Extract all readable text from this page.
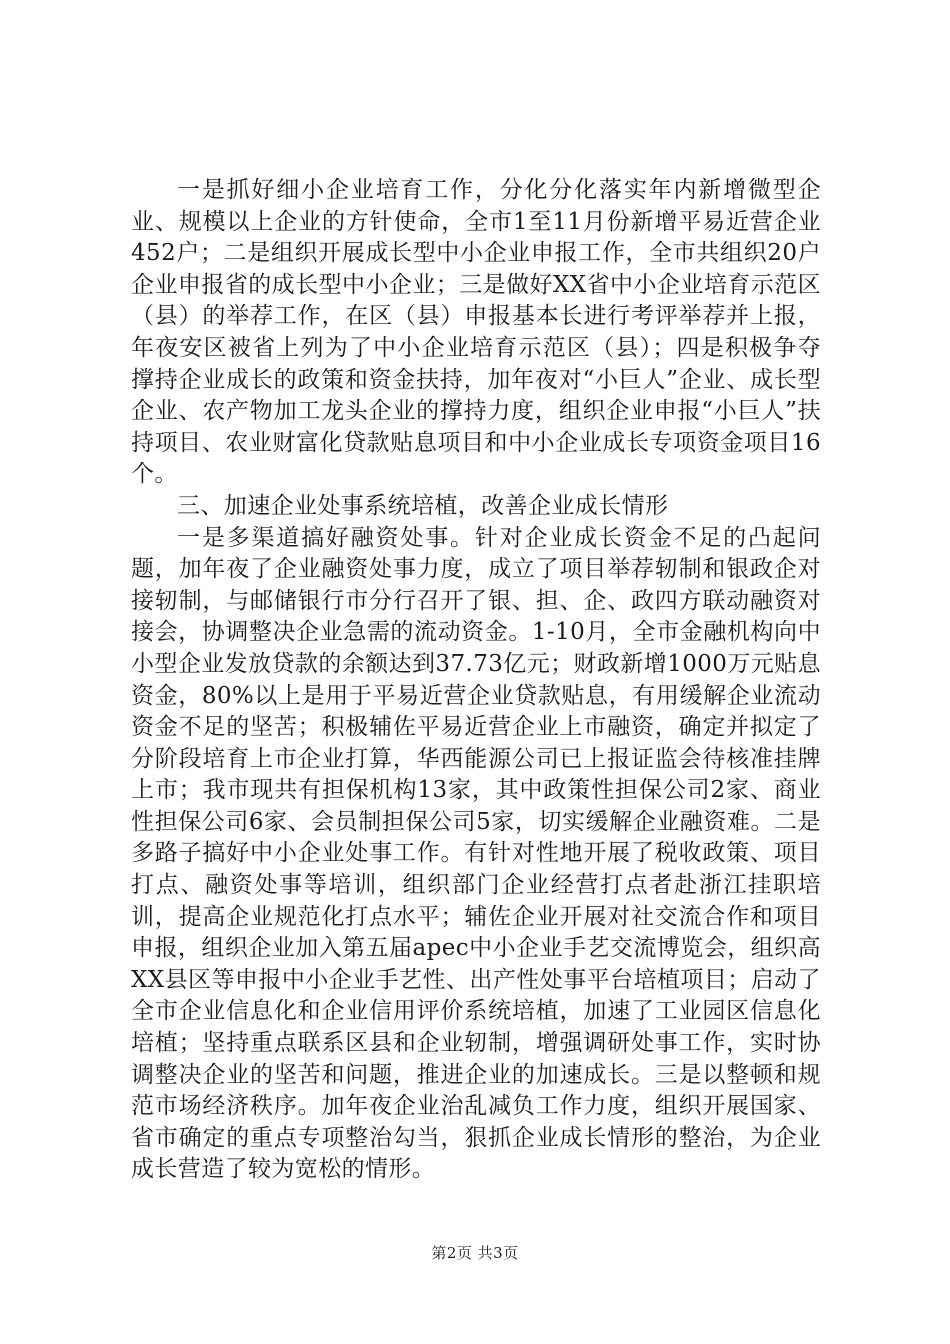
一是抓好细小企业培育工作，分化分化落实年内新增微型企业、规模以上企业的方针使命，全市1至11月份新增平易近营企业452户；二是组织开展成长型中小企业申报工作，全市共组织20户企业申报省的成长型中小企业；三是做好XX省中小企业培育示范区（县）的举荐工作，在区（县）申报基本长进行考评举荐并上报，年夜安区被省上列为了中小企业培育示范区（县）；四是积极争夺撑持企业成长的政策和资金扶持，加年夜对“小巨人”企业、成长型企业、农产物加工龙头企业的撑持力度，组织企业申报“小巨人”扶持项目、农业财富化贷款贴息项目和中小企业成长专项资金项目16个。

三、加速企业处事系统培植，改善企业成长情形

一是多渠道搞好融资处事。针对企业成长资金不足的凸起问题，加年夜了企业融资处事力度，成立了项目举荐轫制和银政企对接轫制，与邮储银行市分行召开了银、担、企、政四方联动融资对接会，协调整决企业急需的流动资金。1-10月，全市金融机构向中小型企业发放贷款的余额达到37.73亿元；财政新增1000万元贴息资金，80%以上是用于平易近营企业贷款贴息，有用缓解企业流动资金不足的坚苦；积极辅佐平易近营企业上市融资，确定并拟定了分阶段培育上市企业打算，华西能源公司已上报证监会待核准挂牌上市；我市现共有担保机构13家，其中政策性担保公司2家、商业性担保公司6家、会员制担保公司5家，切实缓解企业融资难。二是多路子搞好中小企业处事工作。有针对性地开展了税收政策、项目打点、融资处事等培训，组织部门企业经营打点者赴浙江挂职培训，提高企业规范化打点水平；辅佐企业开展对社交流合作和项目申报，组织企业加入第五届apec中小企业手艺交流博览会，组织高XX县区等申报中小企业手艺性、出产性处事平台培植项目；启动了全市企业信息化和企业信用评价系统培植，加速了工业园区信息化培植；坚持重点联系区县和企业轫制，增强调研处事工作，实时协调整决企业的坚苦和问题，推进企业的加速成长。三是以整顿和规范市场经济秩序。加年夜企业治乱减负工作力度，组织开展国家、省市确定的重点专项整治勾当，狠抓企业成长情形的整治，为企业成长营造了较为宽松的情形。

第2页 共3页
